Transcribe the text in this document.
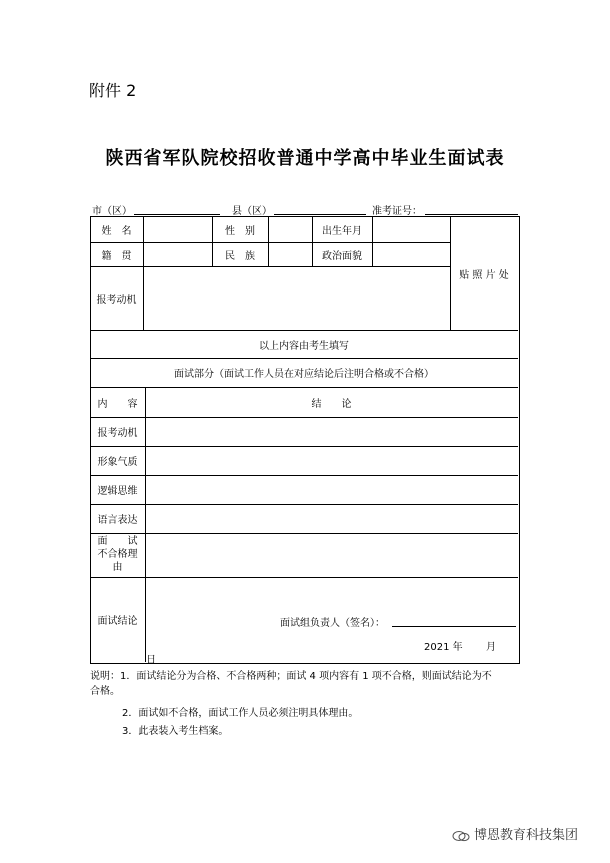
附件 2
陕西省军队院校招收普通中学高中毕业生面试表
市（区）	县（区）	准考证号：
姓　名	性　别	出生年月
籍　贯	民　族	政治面貌
贴 照 片 处
报考动机
以上内容由考生填写
面试部分（面试工作人员在对应结论后注明合格或不合格）
内　　容	结　　论
报考动机
形象气质
逻辑思维
语言表达
面　　试
不合格理
由
面试结论	面试组负责人（签名）：
2021 年 月
日
说明：1．面试结论分为合格、不合格两种；面试 4 项内容有 1 项不合格，则面试结论为不
合格。
2．面试如不合格，面试工作人员必须注明具体理由。
3．此表装入考生档案。
博恩教育科技集团
